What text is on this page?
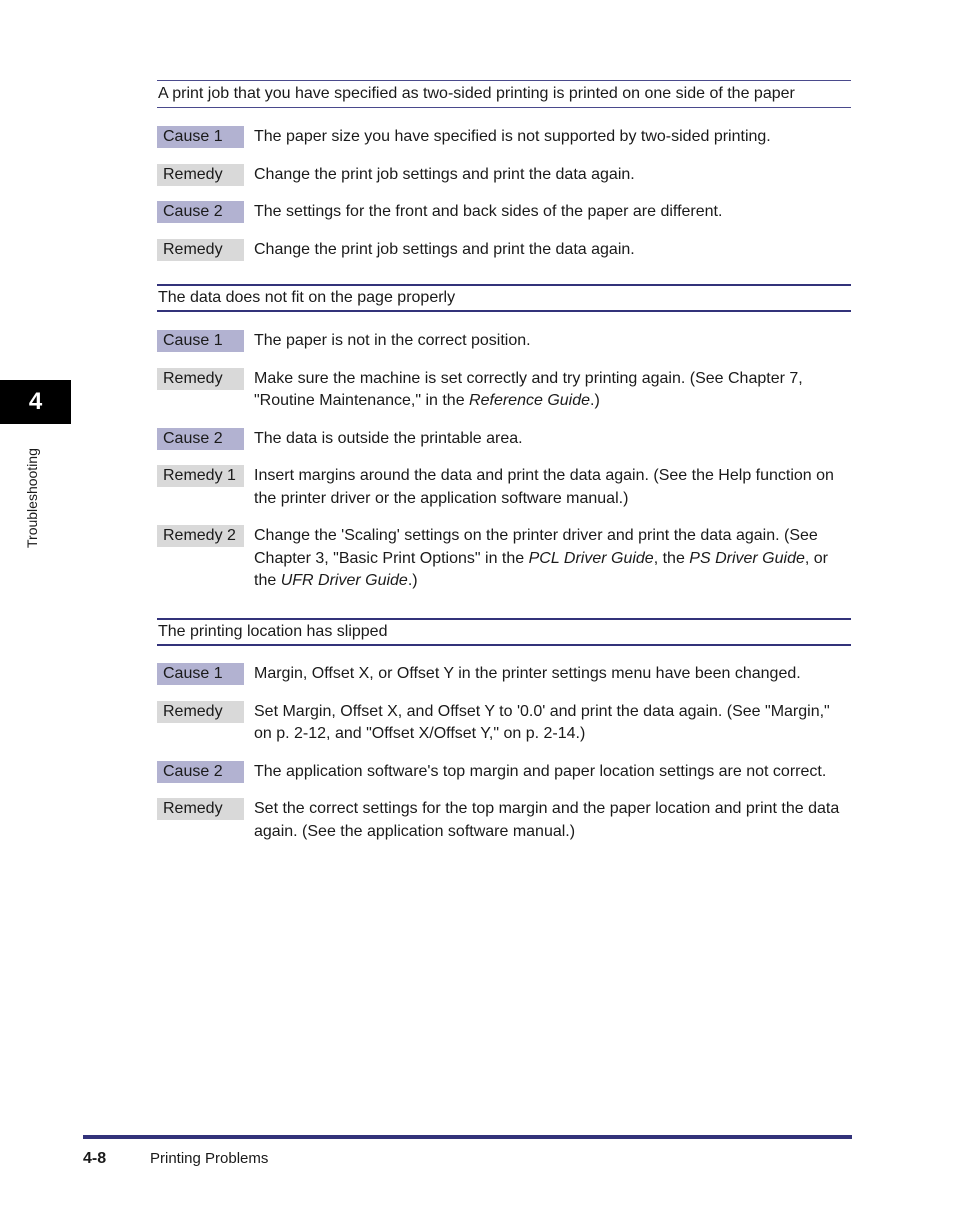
4
Troubleshooting
A print job that you have specified as two-sided printing is printed on one side of the paper
Cause 1	The paper size you have specified is not supported by two-sided printing.
Remedy	Change the print job settings and print the data again.
Cause 2	The settings for the front and back sides of the paper are different.
Remedy	Change the print job settings and print the data again.
The data does not fit on the page properly
Cause 1	The paper is not in the correct position.
Remedy	Make sure the machine is set correctly and try printing again. (See Chapter 7, "Routine Maintenance," in the Reference Guide.)
Cause 2	The data is outside the printable area.
Remedy 1	Insert margins around the data and print the data again. (See the Help function on the printer driver or the application software manual.)
Remedy 2	Change the 'Scaling' settings on the printer driver and print the data again. (See Chapter 3, "Basic Print Options" in the PCL Driver Guide, the PS Driver Guide, or the UFR Driver Guide.)
The printing location has slipped
Cause 1	Margin, Offset X, or Offset Y in the printer settings menu have been changed.
Remedy	Set Margin, Offset X, and Offset Y to '0.0' and print the data again. (See "Margin," on p. 2-12, and "Offset X/Offset Y," on p. 2-14.)
Cause 2	The application software's top margin and paper location settings are not correct.
Remedy	Set the correct settings for the top margin and the paper location and print the data again. (See the application software manual.)
4-8	Printing Problems
